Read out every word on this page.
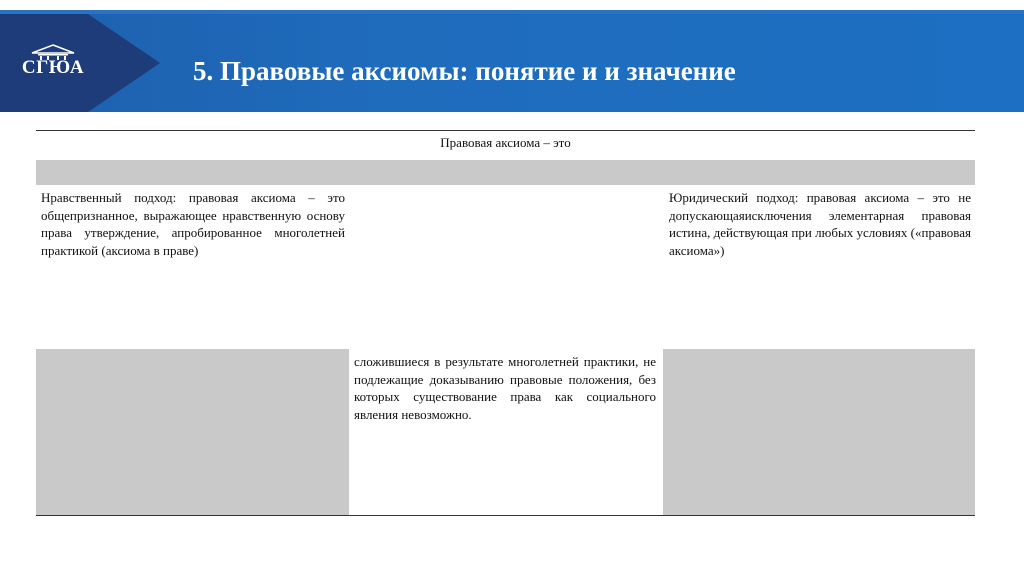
СГЮА	5. Правовые аксиомы: понятие и и значение
Правовая аксиома – это
Нравственный подход: правовая аксиома – это общепризнанное, выражающее нравственную основу права утверждение, апробированное многолетней практикой (аксиома в праве)
Юридический подход: правовая аксиома – это не допускающаяисключения элементарная правовая истина, действующая при любых условиях («правовая аксиома»)
сложившиеся в результате многолетней практики, не подлежащие доказыванию правовые положения, без которых существование права как социального явления невозможно.
